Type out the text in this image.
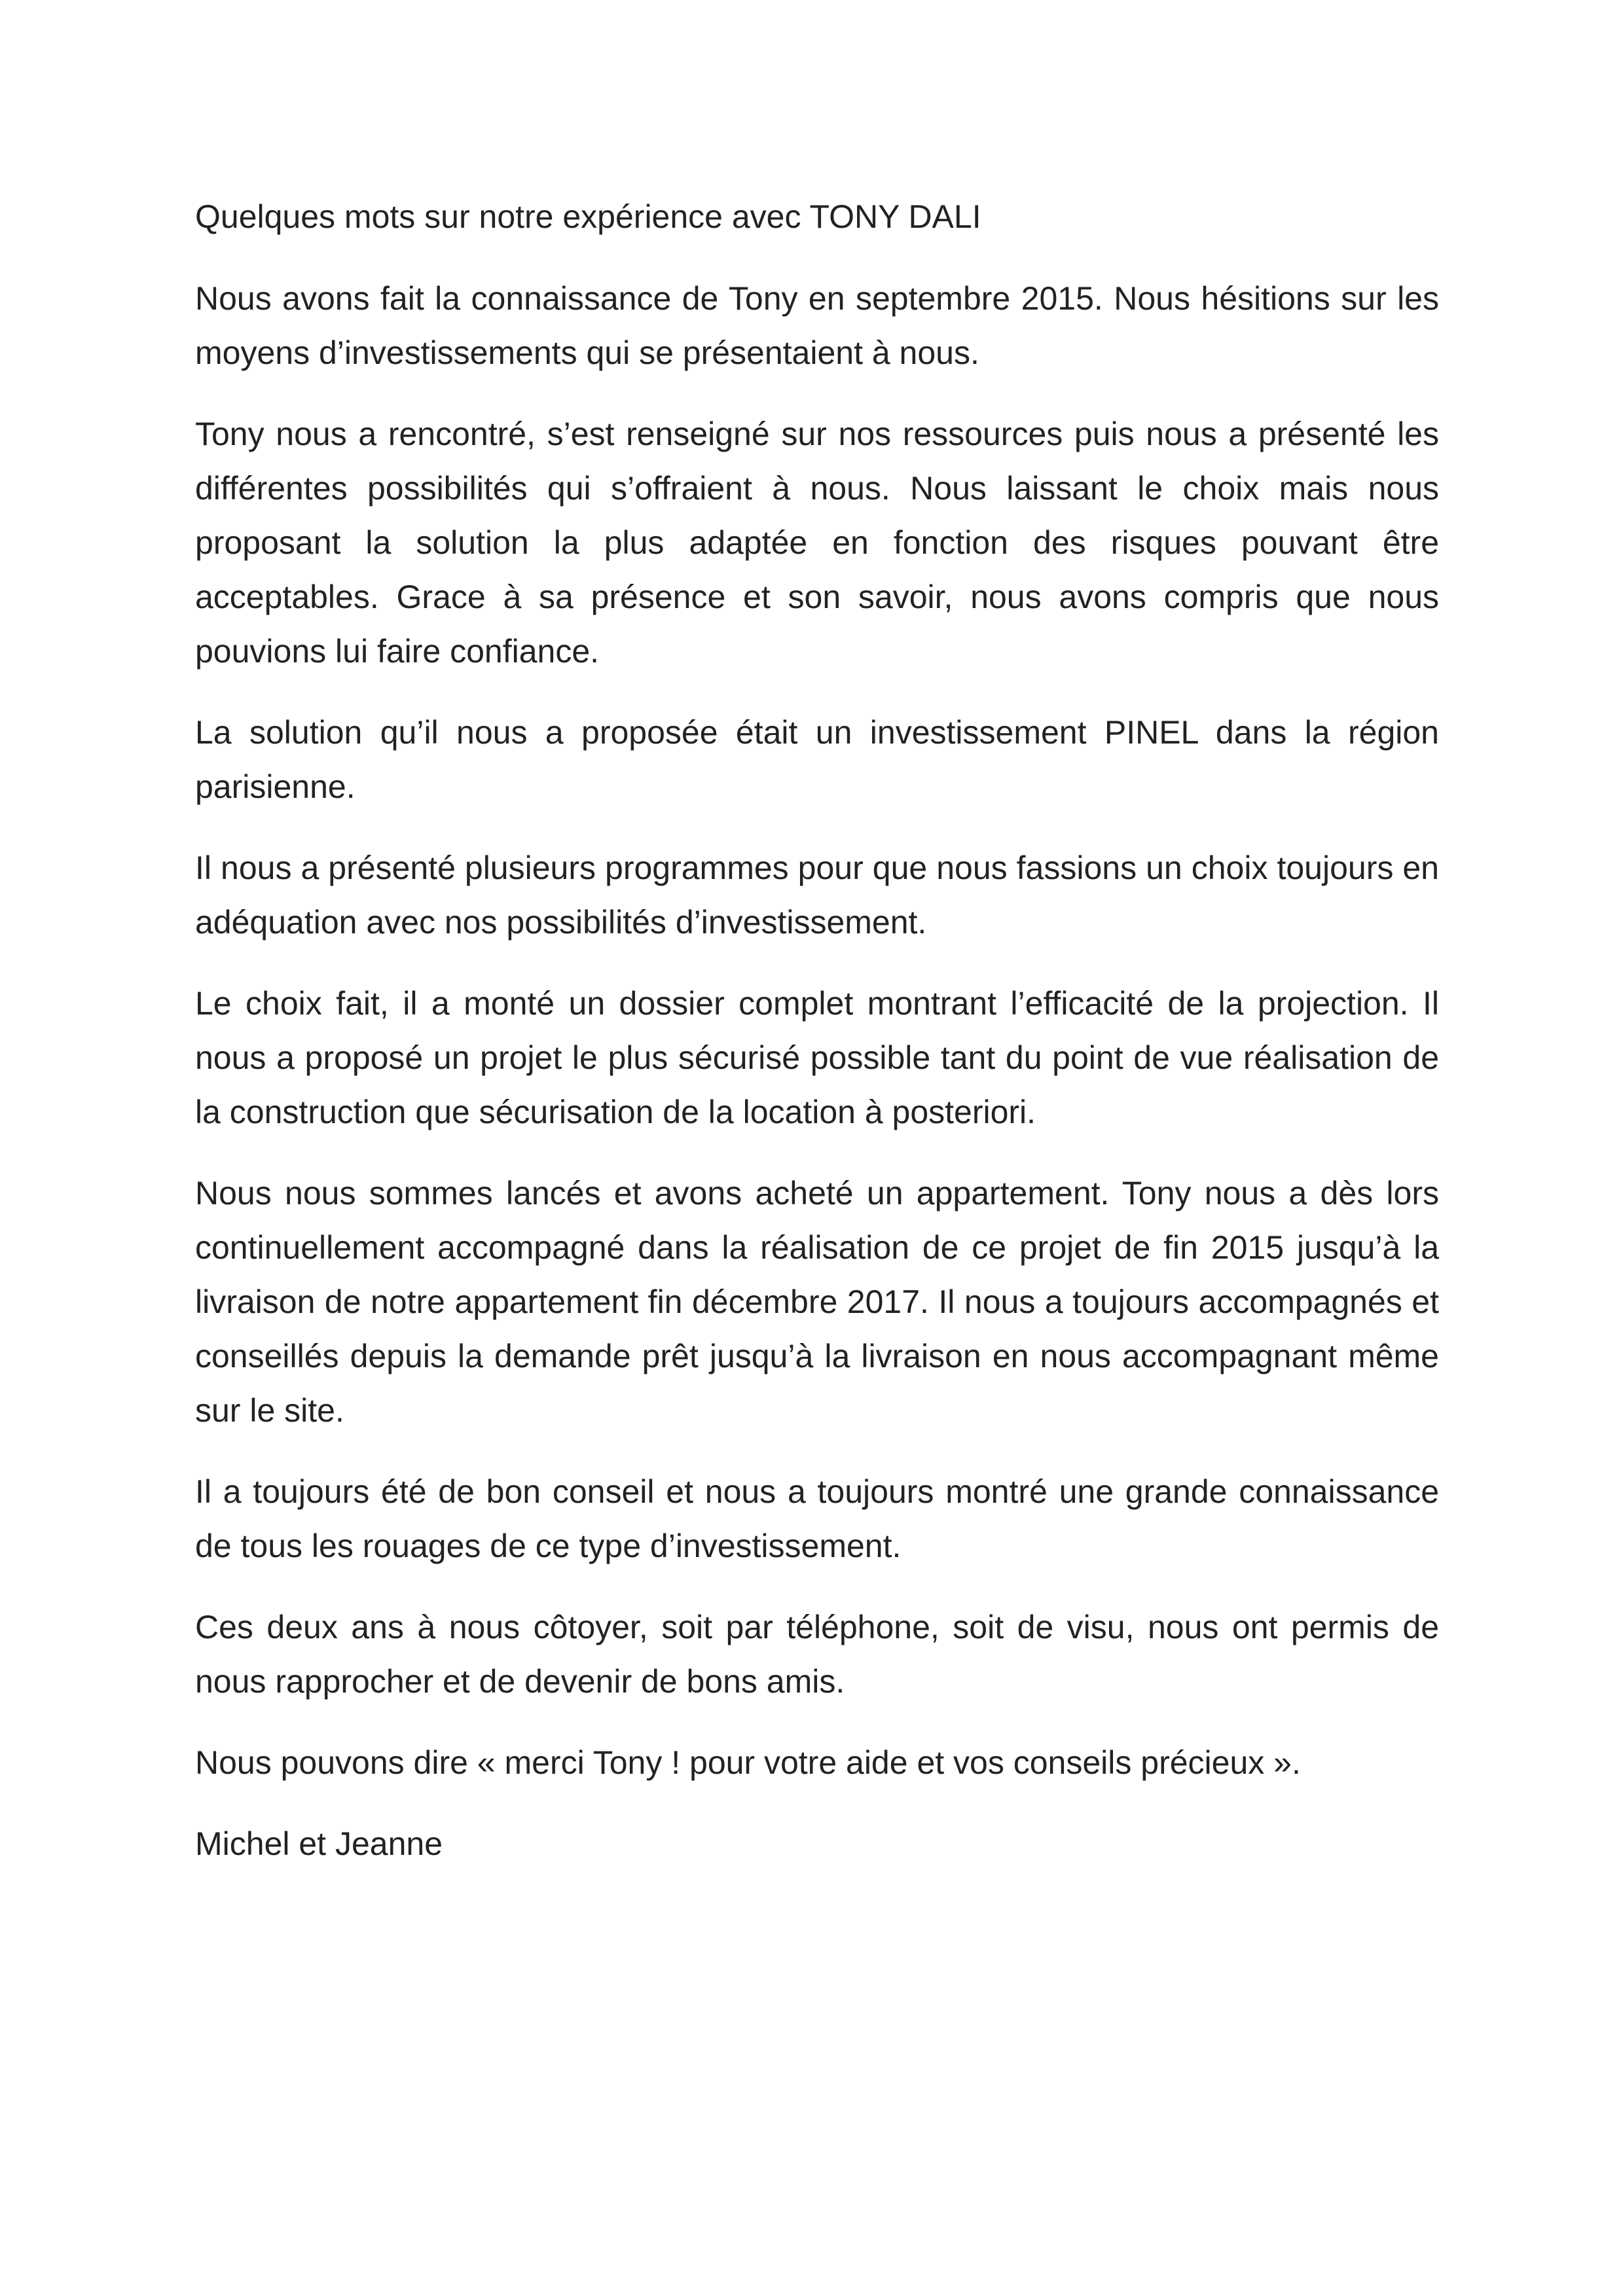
Quelques mots sur notre expérience avec TONY DALI

Nous avons fait la connaissance de Tony en septembre 2015. Nous hésitions sur les moyens d’investissements qui se présentaient à nous.

Tony nous a rencontré, s’est renseigné sur nos ressources puis nous a présenté les différentes possibilités qui s’offraient à nous. Nous laissant le choix mais nous proposant la solution la plus adaptée en fonction des risques pouvant être acceptables. Grace à sa présence et son savoir, nous avons compris que nous pouvions lui faire confiance.

La solution qu’il nous a proposée était un investissement PINEL dans la région parisienne.

Il nous a présenté plusieurs programmes pour que nous fassions un choix toujours en adéquation avec nos possibilités d’investissement.

Le choix fait, il a monté un dossier complet montrant l’efficacité de la projection. Il nous a proposé un projet le plus sécurisé possible tant du point de vue réalisation de la construction que sécurisation de la location à posteriori.

Nous nous sommes lancés et avons acheté un appartement. Tony nous a dès lors continuellement accompagné dans la réalisation de ce projet de fin 2015 jusqu’à la livraison de notre appartement fin décembre 2017. Il nous a toujours accompagnés et conseillés depuis la demande prêt jusqu’à la livraison en nous accompagnant même sur le site.

Il a toujours été de bon conseil et nous a toujours montré une grande connaissance de tous les rouages de ce type d’investissement.

Ces deux ans à nous côtoyer, soit par téléphone, soit de visu, nous ont permis de nous rapprocher et de devenir de bons amis.

Nous pouvons dire « merci Tony ! pour votre aide et vos conseils précieux ».

Michel et Jeanne
